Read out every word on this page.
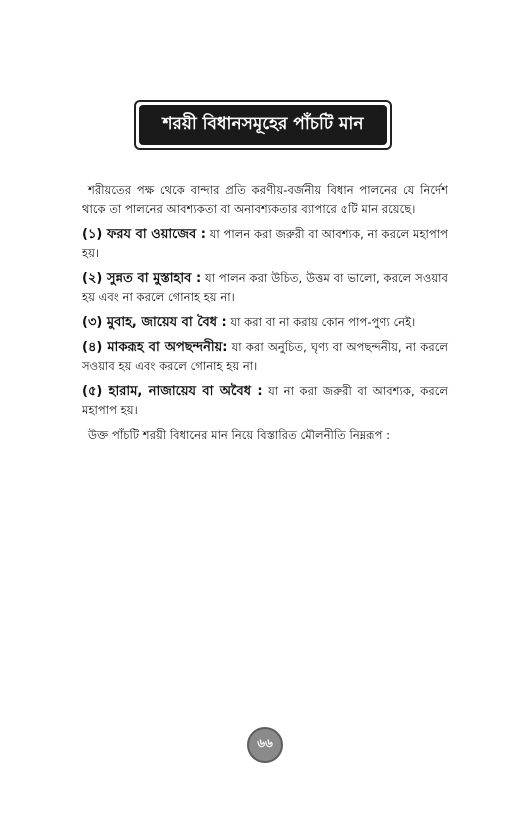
শরয়ী বিধানসমূহের পাঁচটি মান

শরীয়তের পক্ষ থেকে বান্দার প্রতি করণীয়-বর্জনীয় বিধান পালনের যে নির্দেশ থাকে তা পালনের আবশ্যকতা বা অনাবশ্যকতার ব্যাপারে ৫টি মান রয়েছে।

(১) ফরয বা ওয়াজেব : যা পালন করা জরুরী বা আবশ্যক, না করলে মহাপাপ হয়।

(২) সুন্নত বা মুস্তাহাব : যা পালন করা উচিত, উত্তম বা ভালো, করলে সওয়াব হয় এবং না করলে গোনাহ হয় না।

(৩) মুবাহ, জায়েয বা বৈধ : যা করা বা না করায় কোন পাপ-পুণ্য নেই।

(৪) মাকরূহ বা অপছন্দনীয়: যা করা অনুচিত, ঘৃণ্য বা অপছন্দনীয়, না করলে সওয়াব হয় এবং করলে গোনাহ হয় না।

(৫) হারাম, নাজায়েয বা অবৈধ : যা না করা জরুরী বা আবশ্যক, করলে মহাপাপ হয়।

উক্ত পাঁচটি শরয়ী বিধানের মান নিয়ে বিস্তারিত মৌলনীতি নিম্নরূপ :

৬৬
